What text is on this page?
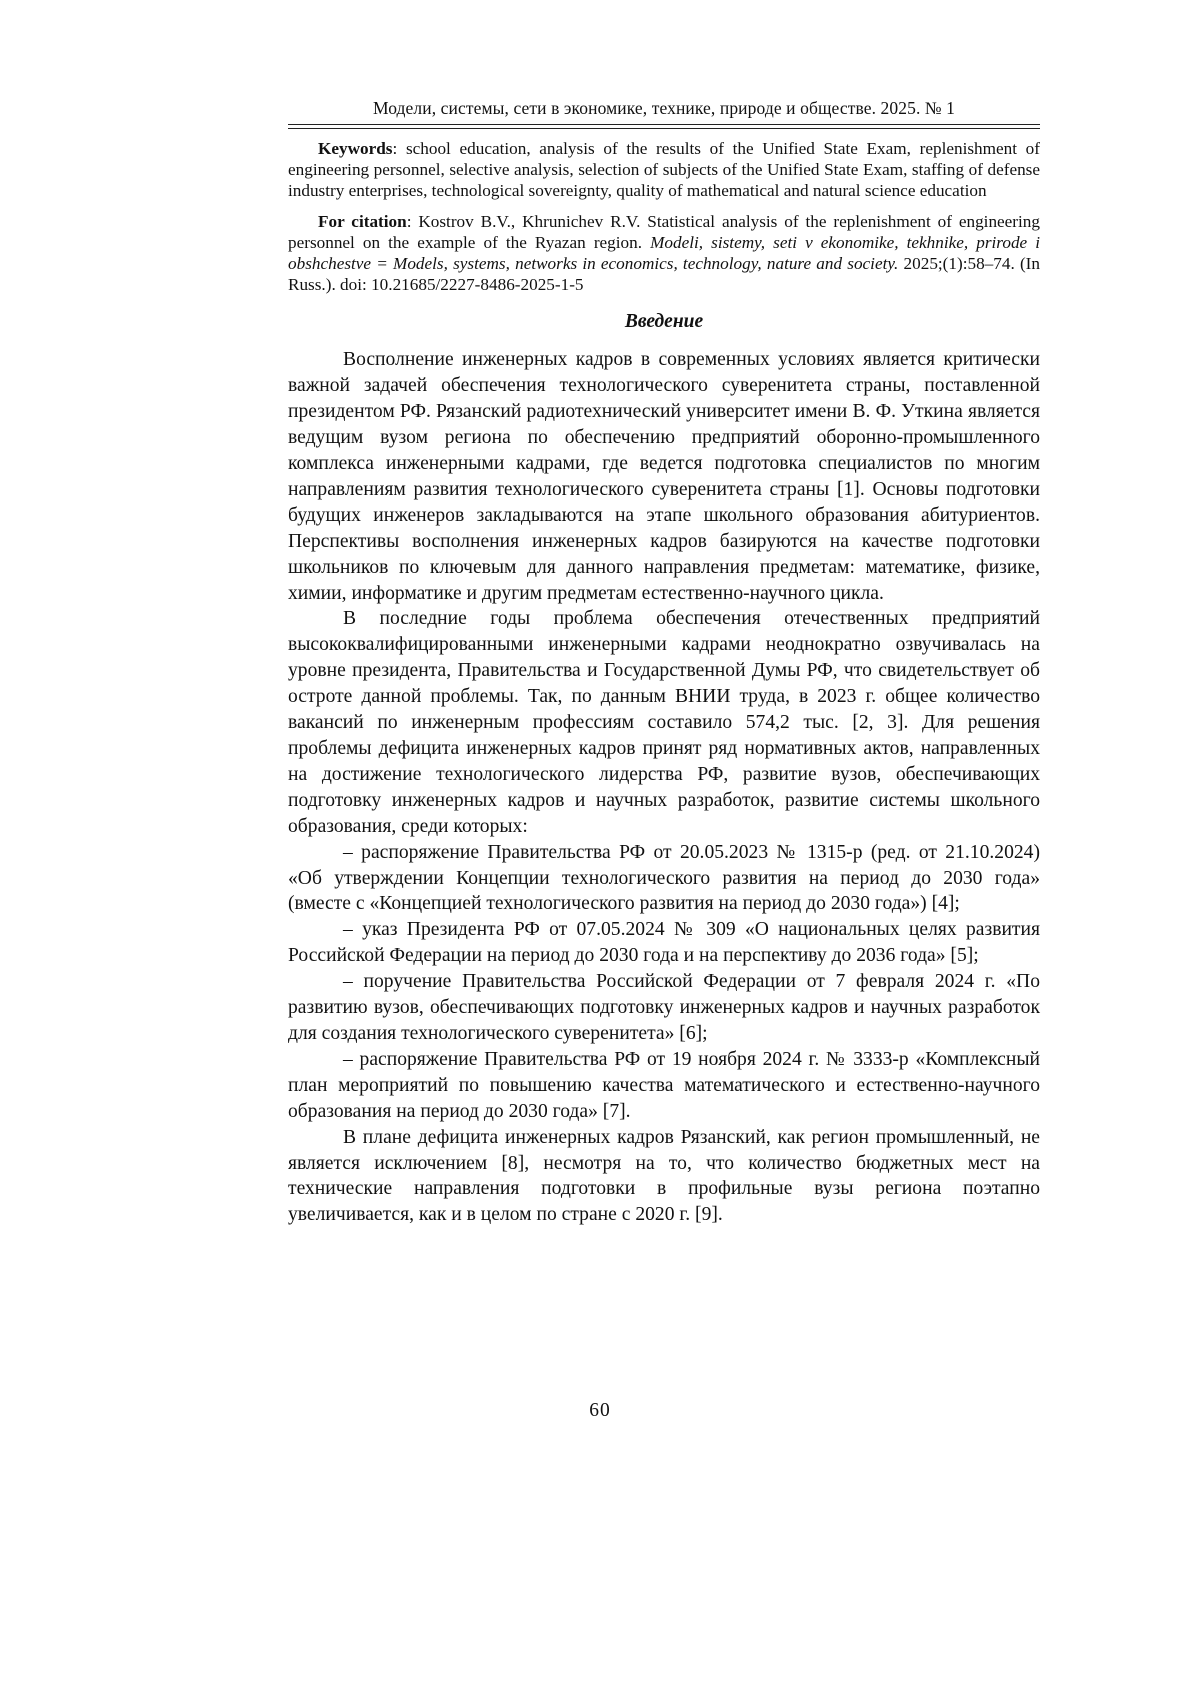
Модели, системы, сети в экономике, технике, природе и обществе. 2025. № 1

Keywords: school education, analysis of the results of the Unified State Exam, replenishment of engineering personnel, selective analysis, selection of subjects of the Unified State Exam, staffing of defense industry enterprises, technological sovereignty, quality of mathematical and natural science education

For citation: Kostrov B.V., Khrunichev R.V. Statistical analysis of the replenishment of engineering personnel on the example of the Ryazan region. Modeli, sistemy, seti v ekonomike, tekhnike, prirode i obshchestve = Models, systems, networks in economics, technology, nature and society. 2025;(1):58–74. (In Russ.). doi: 10.21685/2227-8486-2025-1-5

Введение

Восполнение инженерных кадров в современных условиях является критически важной задачей обеспечения технологического суверенитета страны, поставленной президентом РФ. Рязанский радиотехнический университет имени В. Ф. Уткина является ведущим вузом региона по обеспечению предприятий оборонно-промышленного комплекса инженерными кадрами, где ведется подготовка специалистов по многим направлениям развития технологического суверенитета страны [1]. Основы подготовки будущих инженеров закладываются на этапе школьного образования абитуриентов. Перспективы восполнения инженерных кадров базируются на качестве подготовки школьников по ключевым для данного направления предметам: математике, физике, химии, информатике и другим предметам естественно-научного цикла.

В последние годы проблема обеспечения отечественных предприятий высококвалифицированными инженерными кадрами неоднократно озвучивалась на уровне президента, Правительства и Государственной Думы РФ, что свидетельствует об остроте данной проблемы. Так, по данным ВНИИ труда, в 2023 г. общее количество вакансий по инженерным профессиям составило 574,2 тыс. [2, 3]. Для решения проблемы дефицита инженерных кадров принят ряд нормативных актов, направленных на достижение технологического лидерства РФ, развитие вузов, обеспечивающих подготовку инженерных кадров и научных разработок, развитие системы школьного образования, среди которых:

– распоряжение Правительства РФ от 20.05.2023 № 1315-р (ред. от 21.10.2024) «Об утверждении Концепции технологического развития на период до 2030 года» (вместе с «Концепцией технологического развития на период до 2030 года») [4];

– указ Президента РФ от 07.05.2024 № 309 «О национальных целях развития Российской Федерации на период до 2030 года и на перспективу до 2036 года» [5];

– поручение Правительства Российской Федерации от 7 февраля 2024 г. «По развитию вузов, обеспечивающих подготовку инженерных кадров и научных разработок для создания технологического суверенитета» [6];

– распоряжение Правительства РФ от 19 ноября 2024 г. № 3333-р «Комплексный план мероприятий по повышению качества математического и естественно-научного образования на период до 2030 года» [7].

В плане дефицита инженерных кадров Рязанский, как регион промышленный, не является исключением [8], несмотря на то, что количество бюджетных мест на технические направления подготовки в профильные вузы региона поэтапно увеличивается, как и в целом по стране с 2020 г. [9].

60
